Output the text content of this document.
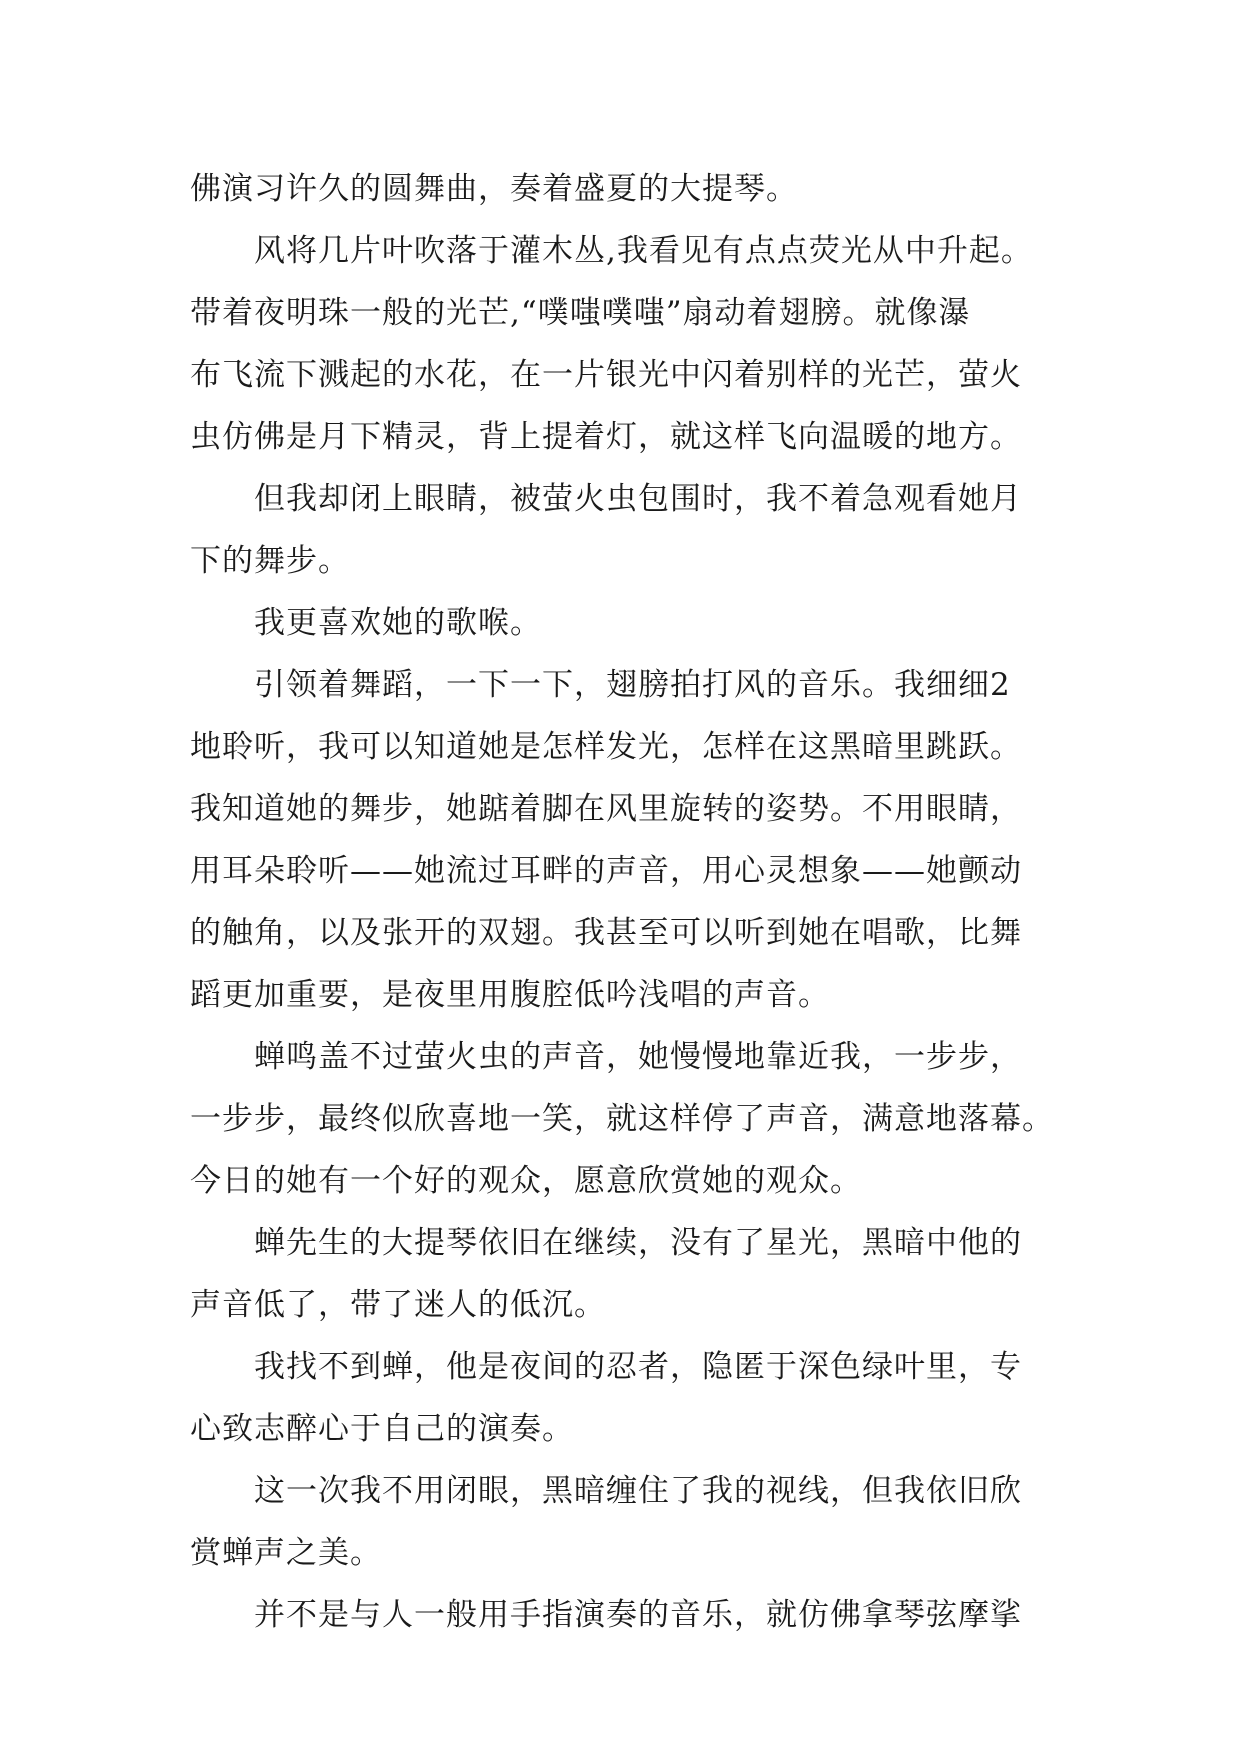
佛演习许久的圆舞曲，奏着盛夏的大提琴。
风将几片叶吹落于灌木丛,我看见有点点荧光从中升起。
带着夜明珠一般的光芒,“噗嗤噗嗤”扇动着翅膀。就像瀑
布飞流下溅起的水花，在一片银光中闪着别样的光芒，萤火
虫仿佛是月下精灵，背上提着灯，就这样飞向温暖的地方。
但我却闭上眼睛，被萤火虫包围时，我不着急观看她月
下的舞步。
我更喜欢她的歌喉。
引领着舞蹈，一下一下，翅膀拍打风的音乐。我细细2
地聆听，我可以知道她是怎样发光，怎样在这黑暗里跳跃。
我知道她的舞步，她踮着脚在风里旋转的姿势。不用眼睛，
用耳朵聆听——她流过耳畔的声音，用心灵想象——她颤动
的触角，以及张开的双翅。我甚至可以听到她在唱歌，比舞
蹈更加重要，是夜里用腹腔低吟浅唱的声音。
蝉鸣盖不过萤火虫的声音，她慢慢地靠近我，一步步，
一步步，最终似欣喜地一笑，就这样停了声音，满意地落幕。
今日的她有一个好的观众，愿意欣赏她的观众。
蝉先生的大提琴依旧在继续，没有了星光，黑暗中他的
声音低了，带了迷人的低沉。
我找不到蝉，他是夜间的忍者，隐匿于深色绿叶里，专
心致志醉心于自己的演奏。
这一次我不用闭眼，黑暗缠住了我的视线，但我依旧欣
赏蝉声之美。
并不是与人一般用手指演奏的音乐，就仿佛拿琴弦摩挲
